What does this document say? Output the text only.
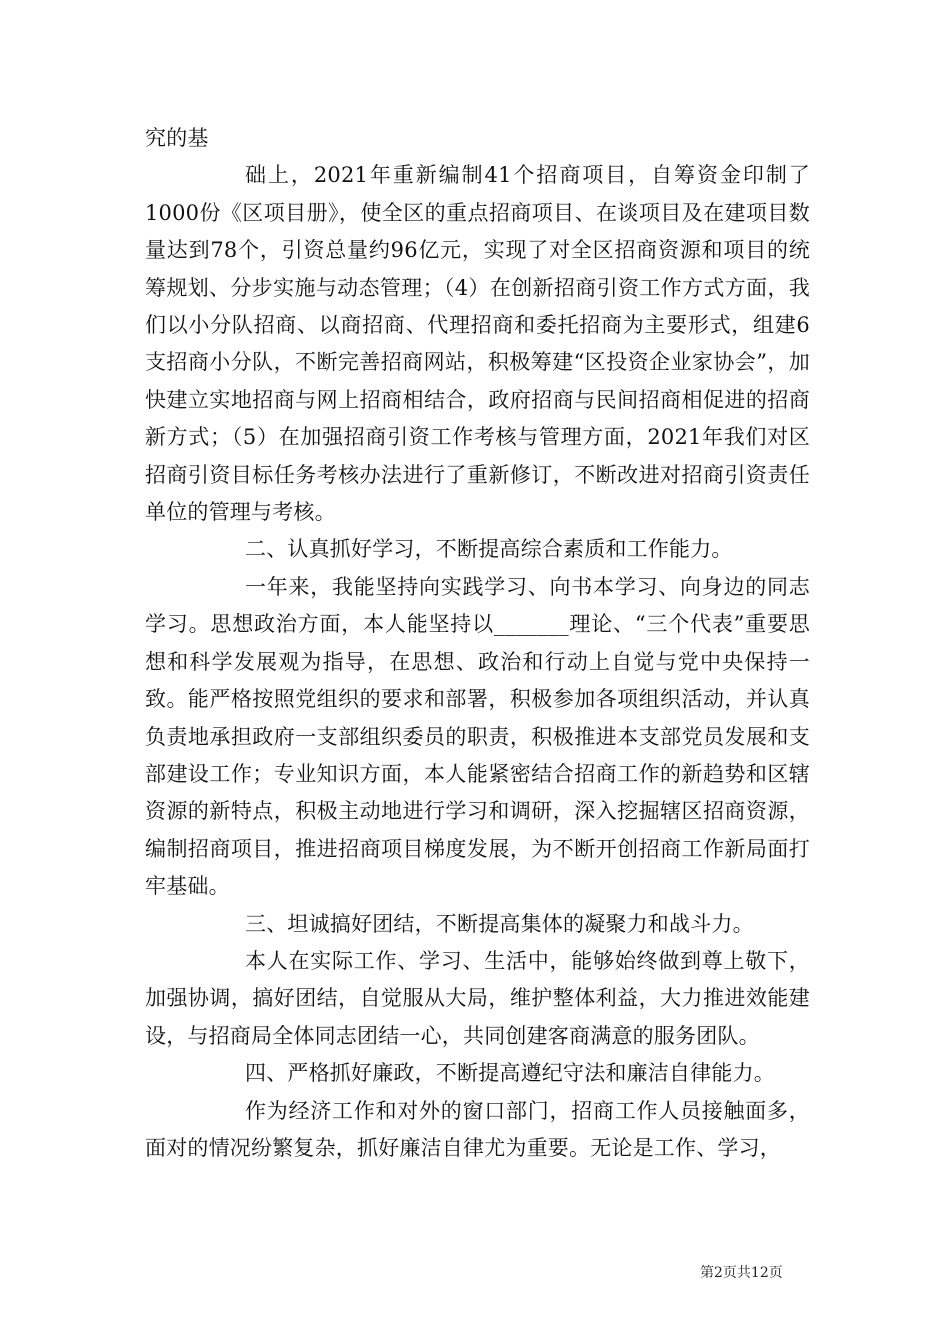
究的基

础上，2021年重新编制41个招商项目，自筹资金印制了1000份《区项目册》，使全区的重点招商项目、在谈项目及在建项目数量达到78个，引资总量约96亿元，实现了对全区招商资源和项目的统筹规划、分步实施与动态管理；（4）在创新招商引资工作方式方面，我们以小分队招商、以商招商、代理招商和委托招商为主要形式，组建6支招商小分队，不断完善招商网站，积极筹建“区投资企业家协会”，加快建立实地招商与网上招商相结合，政府招商与民间招商相促进的招商新方式；（5）在加强招商引资工作考核与管理方面，2021年我们对区招商引资目标任务考核办法进行了重新修订，不断改进对招商引资责任单位的管理与考核。

二、认真抓好学习，不断提高综合素质和工作能力。

一年来，我能坚持向实践学习、向书本学习、向身边的同志学习。思想政治方面，本人能坚持以_______理论、“三个代表”重要思想和科学发展观为指导，在思想、政治和行动上自觉与党中央保持一致。能严格按照党组织的要求和部署，积极参加各项组织活动，并认真负责地承担政府一支部组织委员的职责，积极推进本支部党员发展和支部建设工作；专业知识方面，本人能紧密结合招商工作的新趋势和区辖资源的新特点，积极主动地进行学习和调研，深入挖掘辖区招商资源，编制招商项目，推进招商项目梯度发展，为不断开创招商工作新局面打牢基础。

三、坦诚搞好团结，不断提高集体的凝聚力和战斗力。

本人在实际工作、学习、生活中，能够始终做到尊上敬下，加强协调，搞好团结，自觉服从大局，维护整体利益，大力推进效能建设，与招商局全体同志团结一心，共同创建客商满意的服务团队。

四、严格抓好廉政，不断提高遵纪守法和廉洁自律能力。

作为经济工作和对外的窗口部门，招商工作人员接触面多，面对的情况纷繁复杂，抓好廉洁自律尤为重要。无论是工作、学习，

第2页共12页
